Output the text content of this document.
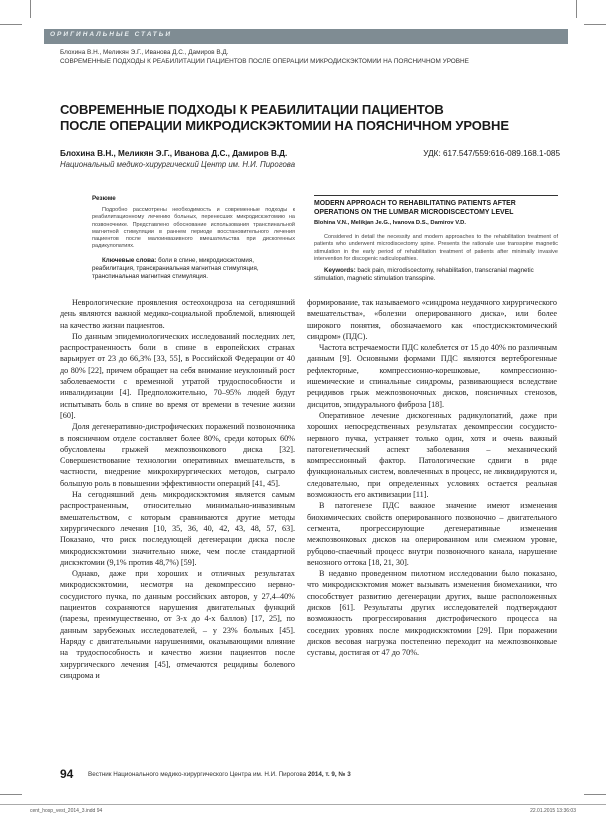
ОРИГИНАЛЬНЫЕ СТАТЬИ
Блохина В.Н., Меликян Э.Г., Иванова Д.С., Дамиров В.Д.
СОВРЕМЕННЫЕ ПОДХОДЫ К РЕАБИЛИТАЦИИ ПАЦИЕНТОВ ПОСЛЕ ОПЕРАЦИИ МИКРОДИСКЭКТОМИИ НА ПОЯСНИЧНОМ УРОВНЕ
СОВРЕМЕННЫЕ ПОДХОДЫ К РЕАБИЛИТАЦИИ ПАЦИЕНТОВ
ПОСЛЕ ОПЕРАЦИИ МИКРОДИСКЭКТОМИИ НА ПОЯСНИЧНОМ УРОВНЕ
Блохина В.Н., Меликян Э.Г., Иванова Д.С., Дамиров В.Д.	УДК: 617.547/559:616-089.168.1-085
Национальный медико-хирургический Центр им. Н.И. Пирогова
Резюме
Подробно рассмотрены необходимость и современные подходы к реабилитационному лечению больных, перенесших микродискэктомию на позвоночнике. Представлено обоснование использования транспинальной магнитной стимуляции в раннем периоде восстановительного лечения пациентов после малоинвазивного вмешательства при дискогенных радикулопатиях.
Ключевые слова: боли в спине, микродискэктомия, реабилитация, транскраниальная магнитная стимуляция, транспинальная магнитная стимуляция.
MODERN APPROACH TO REHABILITATING PATIENTS AFTER
OPERATIONS ON THE LUMBAR MICRODISCECTOMY LEVEL
Blohina V.N., Melikjan Je.G., Ivanova D.S., Damirov V.D.
Considered in detail the necessity and modern approaches to the rehabilitation treatment of patients who underwent microdiscectomy spine. Presents the rationale use transspine magnetic stimulation in the early period of rehabilitation treatment of patients after minimally invasive intervention for discogenic radiculopathies.
Keywords: back pain, microdiscectomy, rehabilitation, transcranial magnetic stimulation, magnetic stimulation transspine.

Неврологические проявления остеохондроза на сегодняшний день являются важной медико-социальной проблемой, влияющей на качество жизни пациентов.

По данным эпидемиологических исследований последних лет, распространенность боли в спине в европейских странах варьирует от 23 до 66,3% [33, 55], в Российской Федерации от 40 до 80% [22], причем обращает на себя внимание неуклонный рост заболеваемости с временной утратой трудоспособности и инвалидизации [4]. Предположительно, 70–95% людей будут испытывать боль в спине во время от времени в течение жизни [60].

Доля дегенеративно-дистрофических поражений позвоночника в поясничном отделе составляет более 80%, среди которых 60% обусловлены грыжей межпозвонкового диска [32]. Совершенствование технологии оперативных вмешательств, в частности, внедрение микрохирургических методов, сыграло большую роль в повышении эффективности операций [41, 45].

На сегодняшний день микродискэктомия является самым распространенным, относительно минимально-инвазивным вмешательством, с которым сравниваются другие методы хирургического лечения [10, 35, 36, 40, 42, 43, 48, 57, 63]. Показано, что риск последующей дегенерации диска после микродискэктомии значительно ниже, чем после стандартной дискэктомии (9,1% против 48,7%) [59].

Однако, даже при хороших и отличных результатах микродискэктомии, несмотря на декомпрессию нервно-сосудистого пучка, по данным российских авторов, у 27,4–40% пациентов сохраняются нарушения двигательных функций (парезы, преимущественно, от 3-х до 4-х баллов) [17, 25], по данным зарубежных исследователей, – у 23% больных [45]. Наряду с двигательными нарушениями, оказывающими влияние на трудоспособность и качество жизни пациентов после хирургического лечения [45], отмечаются рецидивы болевого синдрома и

формирование, так называемого «синдрома неудачного хирургического вмешательства», «болезни оперированного диска», или более широкого понятия, обозначаемого как «постдискэктомический синдром» (ПДС).

Частота встречаемости ПДС колеблется от 15 до 40% по различным данным [9]. Основными формами ПДС являются вертеброгенные рефлекторные, компрессионно-корешковые, компрессионно-ишемические и спинальные синдромы, развивающиеся вследствие рецидивов грыж межпозвоночных дисков, поясничных стенозов, дисцитов, эпидурального фиброза [18].

Оперативное лечение дискогенных радикулопатий, даже при хороших непосредственных результатах декомпрессии сосудисто-нервного пучка, устраняет только один, хотя и очень важный патогенетический аспект заболевания – механический компрессионный фактор. Патологические сдвиги в ряде функциональных систем, вовлеченных в процесс, не ликвидируются и, следовательно, при определенных условиях остается реальная возможность его активизации [11].

В патогенезе ПДС важное значение имеют изменения биохимических свойств оперированного позвоночно – двигательного сегмента, прогрессирующие дегенеративные изменения межпозвонковых дисков на оперированном или смежном уровне, рубцово-спаечный процесс внутри позвоночного канала, нарушение венозного оттока [18, 21, 30].

В недавно проведенном пилотном исследовании было показано, что микродискэктомия может вызывать изменения биомеханики, что способствует развитию дегенерации других, выше расположенных дисков [61]. Результаты других исследователей подтверждают возможность прогрессирования дистрофического процесса на соседних уровнях после микродискэктомии [29]. При поражении дисков весовая нагрузка постепенно переходит на межпозвонковые суставы, достигая от 47 до 70%.

94 Вестник Национального медико-хирургического Центра им. Н.И. Пирогова 2014, т. 9, № 3
cent_hosp_vest_2014_3.indd 94	22.01.2015 13:36:03
